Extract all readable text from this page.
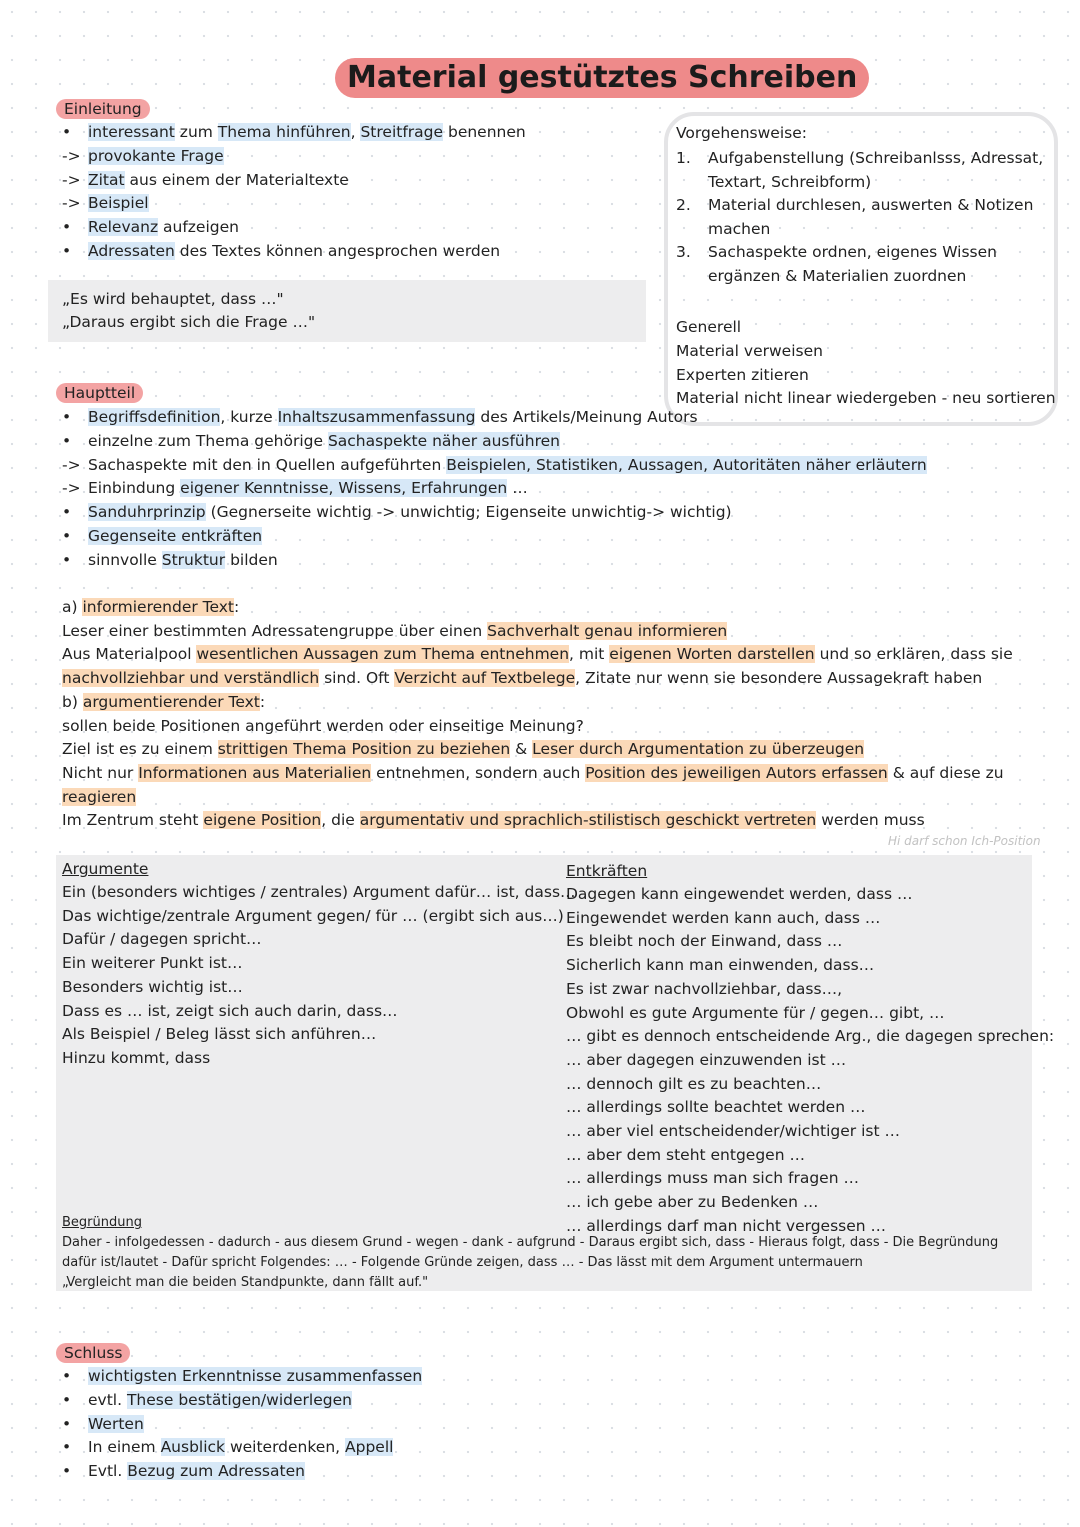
Material gestütztes Schreiben
Einleitung
• interessant zum Thema hinführen, Streitfrage benennen
-> provokante Frage
-> Zitat aus einem der Materialtexte
-> Beispiel
• Relevanz aufzeigen
• Adressaten des Textes können angesprochen werden
„Es wird behauptet, dass …"
„Daraus ergibt sich die Frage …"
Vorgehensweise:
1. Aufgabenstellung (Schreibanlsss, Adressat,
Textart, Schreibform)
2. Material durchlesen, auswerten & Notizen
machen
3. Sachaspekte ordnen, eigenes Wissen
ergänzen & Materialien zuordnen
Generell
Material verweisen
Experten zitieren
Material nicht linear wiedergeben - neu sortieren
Hauptteil
• Begriffsdefinition, kurze Inhaltszusammenfassung des Artikels/Meinung Autors
• einzelne zum Thema gehörige Sachaspekte näher ausführen
-> Sachaspekte mit den in Quellen aufgeführten Beispielen, Statistiken, Aussagen, Autoritäten näher erläutern
-> Einbindung eigener Kenntnisse, Wissens, Erfahrungen …
• Sanduhrprinzip (Gegnerseite wichtig -> unwichtig; Eigenseite unwichtig-> wichtig)
• Gegenseite entkräften
• sinnvolle Struktur bilden
a) informierender Text:
Leser einer bestimmten Adressatengruppe über einen Sachverhalt genau informieren
Aus Materialpool wesentlichen Aussagen zum Thema entnehmen, mit eigenen Worten darstellen und so erklären, dass sie
nachvollziehbar und verständlich sind. Oft Verzicht auf Textbelege, Zitate nur wenn sie besondere Aussagekraft haben
b) argumentierender Text:
sollen beide Positionen angeführt werden oder einseitige Meinung?
Ziel ist es zu einem strittigen Thema Position zu beziehen & Leser durch Argumentation zu überzeugen
Nicht nur Informationen aus Materialien entnehmen, sondern auch Position des jeweiligen Autors erfassen & auf diese zu
reagieren
Im Zentrum steht eigene Position, die argumentativ und sprachlich-stilistisch geschickt vertreten werden muss
Hi darf schon Ich-Position
Argumente
Ein (besonders wichtiges / zentrales) Argument dafür… ist, dass…
Das wichtige/zentrale Argument gegen/ für … (ergibt sich aus…)
Dafür / dagegen spricht…
Ein weiterer Punkt ist…
Besonders wichtig ist…
Dass es … ist, zeigt sich auch darin, dass…
Als Beispiel / Beleg lässt sich anführen…
Hinzu kommt, dass
Entkräften
Dagegen kann eingewendet werden, dass …
Eingewendet werden kann auch, dass …
Es bleibt noch der Einwand, dass …
Sicherlich kann man einwenden, dass…
Es ist zwar nachvollziehbar, dass…,
Obwohl es gute Argumente für / gegen… gibt, …
… gibt es dennoch entscheidende Arg., die dagegen sprechen:
… aber dagegen einzuwenden ist …
… dennoch gilt es zu beachten…
… allerdings sollte beachtet werden …
… aber viel entscheidender/wichtiger ist …
… aber dem steht entgegen …
… allerdings muss man sich fragen …
… ich gebe aber zu Bedenken …
… allerdings darf man nicht vergessen …
Begründung
Daher - infolgedessen - dadurch - aus diesem Grund - wegen - dank - aufgrund - Daraus ergibt sich, dass - Hieraus folgt, dass - Die Begründung
dafür ist/lautet - Dafür spricht Folgendes: … - Folgende Gründe zeigen, dass … - Das lässt mit dem Argument untermauern
„Vergleicht man die beiden Standpunkte, dann fällt auf."
Schluss
• wichtigsten Erkenntnisse zusammenfassen
• evtl. These bestätigen/widerlegen
• Werten
• In einem Ausblick weiterdenken, Appell
• Evtl. Bezug zum Adressaten
